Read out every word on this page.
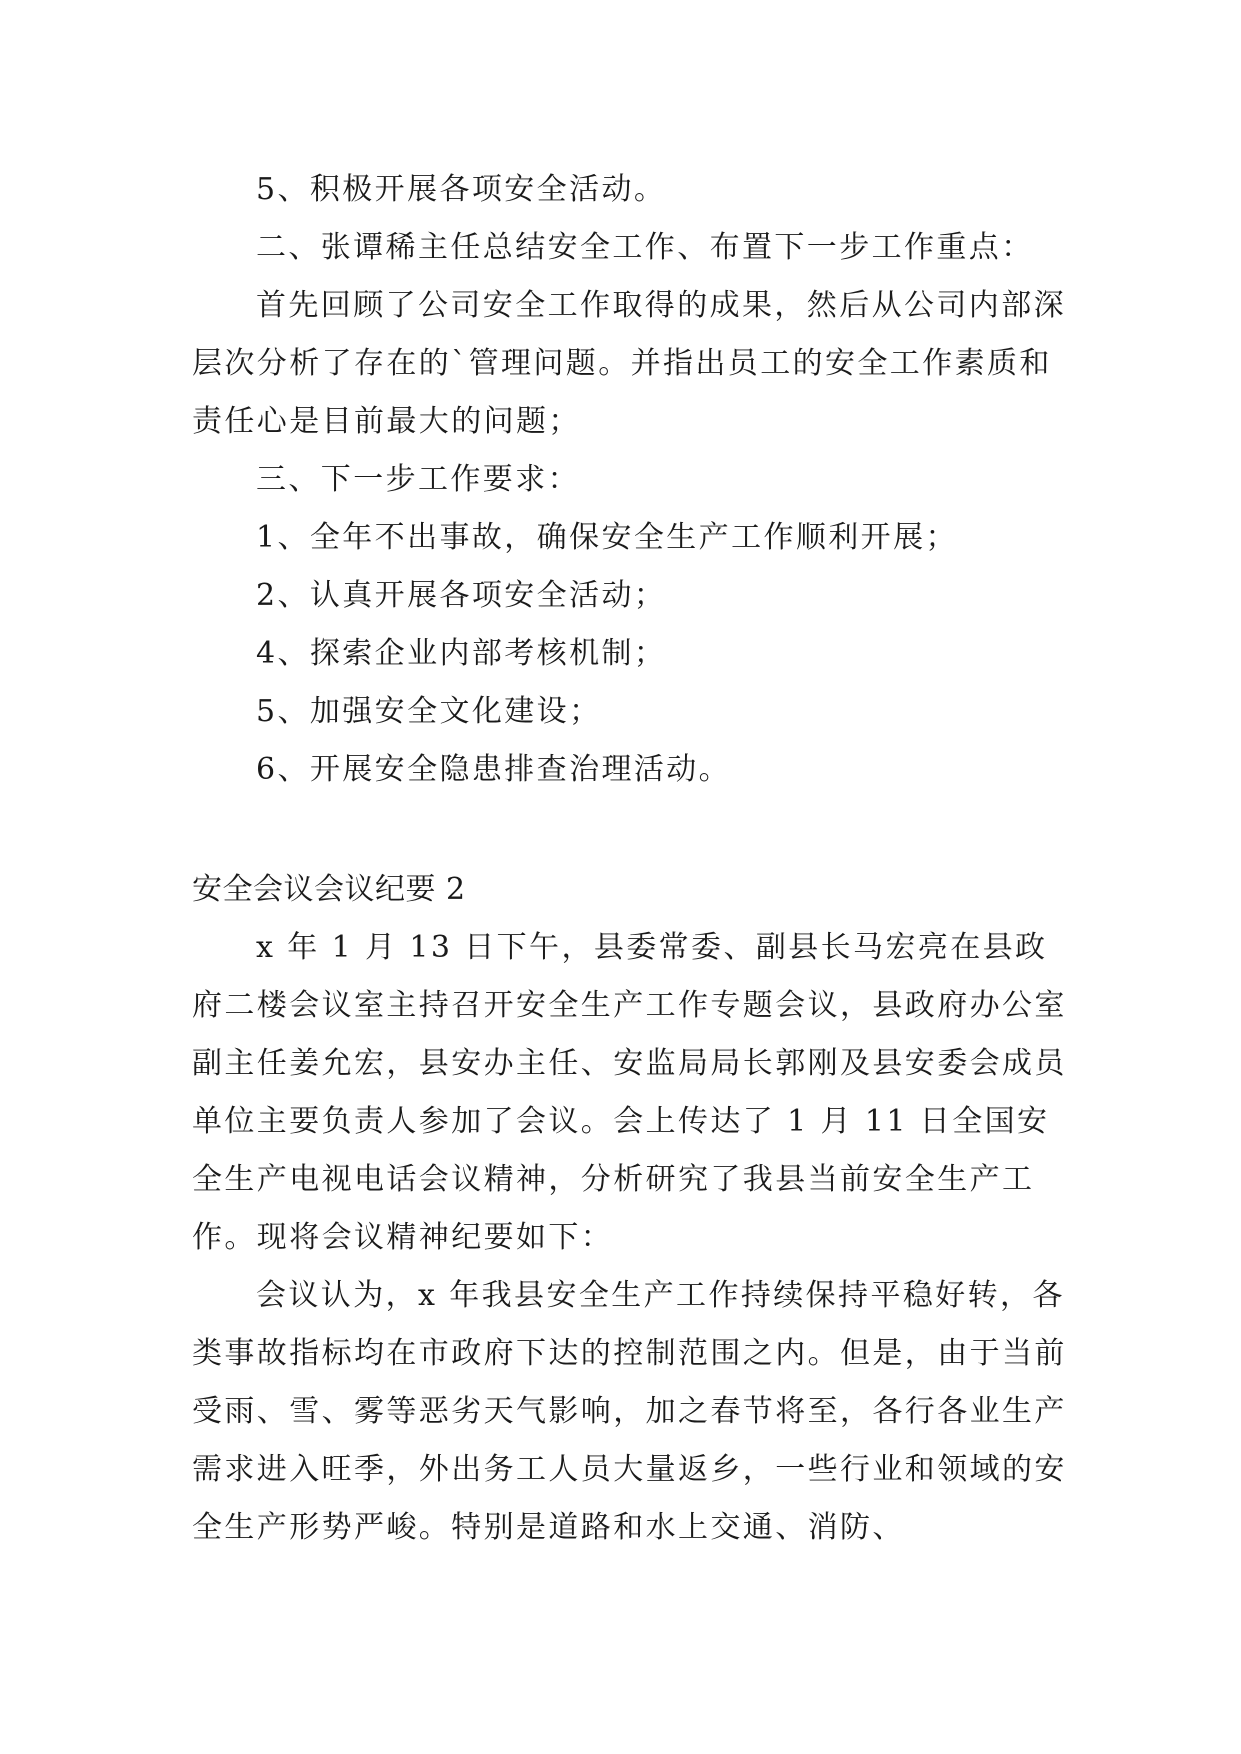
5、积极开展各项安全活动。

二、张谭稀主任总结安全工作、布置下一步工作重点：

首先回顾了公司安全工作取得的成果，然后从公司内部深层次分析了存在的`管理问题。并指出员工的安全工作素质和责任心是目前最大的问题；

三、下一步工作要求：

1、全年不出事故，确保安全生产工作顺利开展；

2、认真开展各项安全活动；

4、探索企业内部考核机制；

5、加强安全文化建设；

6、开展安全隐患排查治理活动。

安全会议会议纪要 2

x 年 1 月 13 日下午，县委常委、副县长马宏亮在县政府二楼会议室主持召开安全生产工作专题会议，县政府办公室副主任姜允宏，县安办主任、安监局局长郭刚及县安委会成员单位主要负责人参加了会议。会上传达了 1 月 11 日全国安全生产电视电话会议精神，分析研究了我县当前安全生产工作。现将会议精神纪要如下：

会议认为，x 年我县安全生产工作持续保持平稳好转，各类事故指标均在市政府下达的控制范围之内。但是，由于当前受雨、雪、雾等恶劣天气影响，加之春节将至，各行各业生产需求进入旺季，外出务工人员大量返乡，一些行业和领域的安全生产形势严峻。特别是道路和水上交通、消防、
